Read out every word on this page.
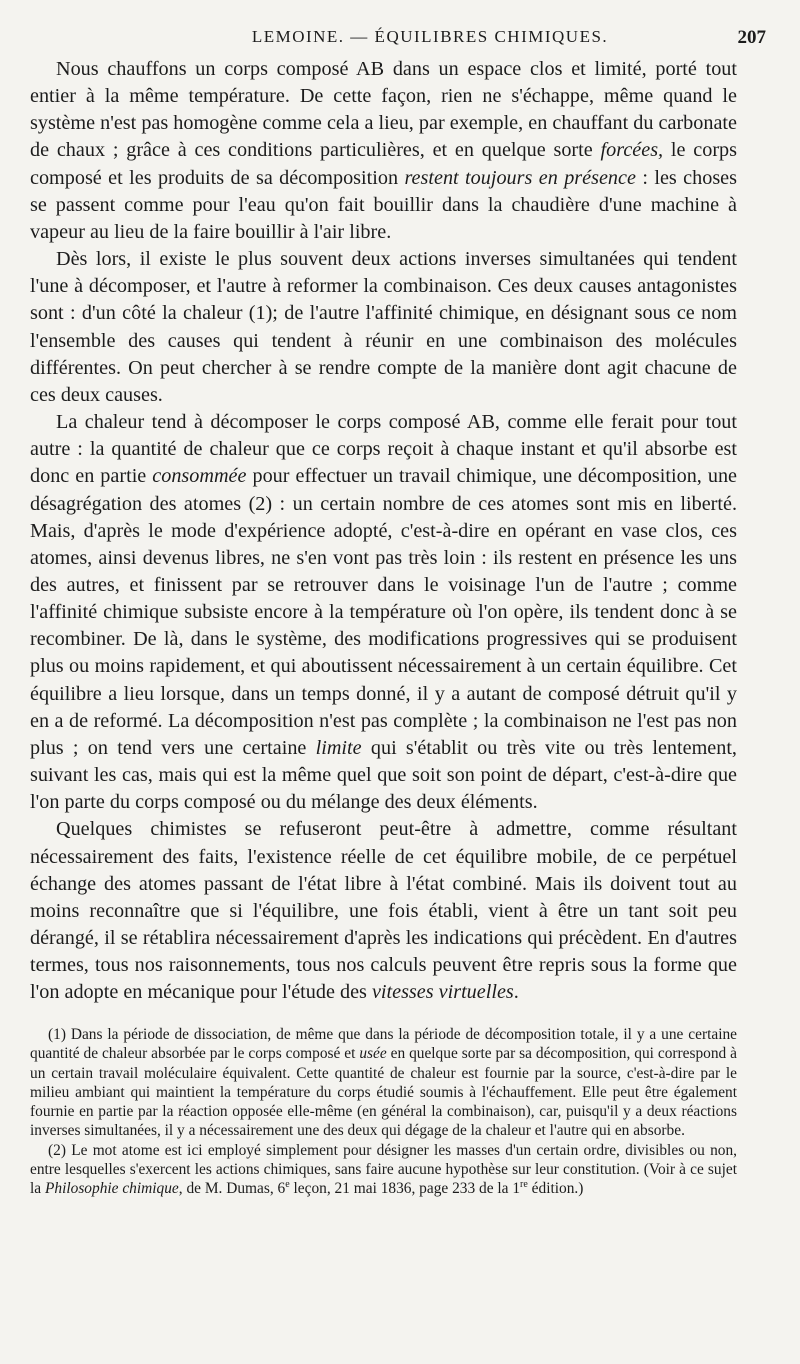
LEMOINE. — ÉQUILIBRES CHIMIQUES.	207

Nous chauffons un corps composé AB dans un espace clos et limité, porté tout entier à la même température. De cette façon, rien ne s'échappe, même quand le système n'est pas homogène comme cela a lieu, par exemple, en chauffant du carbonate de chaux ; grâce à ces conditions particulières, et en quelque sorte forcées, le corps composé et les produits de sa décomposition restent toujours en présence : les choses se passent comme pour l'eau qu'on fait bouillir dans la chaudière d'une machine à vapeur au lieu de la faire bouillir à l'air libre.

Dès lors, il existe le plus souvent deux actions inverses simultanées qui tendent l'une à décomposer, et l'autre à reformer la combinaison. Ces deux causes antagonistes sont : d'un côté la chaleur (1); de l'autre l'affinité chimique, en désignant sous ce nom l'ensemble des causes qui tendent à réunir en une combinaison des molécules différentes. On peut chercher à se rendre compte de la manière dont agit chacune de ces deux causes.

La chaleur tend à décomposer le corps composé AB, comme elle ferait pour tout autre : la quantité de chaleur que ce corps reçoit à chaque instant et qu'il absorbe est donc en partie consommée pour effectuer un travail chimique, une décomposition, une désagrégation des atomes (2) : un certain nombre de ces atomes sont mis en liberté. Mais, d'après le mode d'expérience adopté, c'est-à-dire en opérant en vase clos, ces atomes, ainsi devenus libres, ne s'en vont pas très loin : ils restent en présence les uns des autres, et finissent par se retrouver dans le voisinage l'un de l'autre ; comme l'affinité chimique subsiste encore à la température où l'on opère, ils tendent donc à se recombiner. De là, dans le système, des modifications progressives qui se produisent plus ou moins rapidement, et qui aboutissent nécessairement à un certain équilibre. Cet équilibre a lieu lorsque, dans un temps donné, il y a autant de composé détruit qu'il y en a de reformé. La décomposition n'est pas complète ; la combinaison ne l'est pas non plus ; on tend vers une certaine limite qui s'établit ou très vite ou très lentement, suivant les cas, mais qui est la même quel que soit son point de départ, c'est-à-dire que l'on parte du corps composé ou du mélange des deux éléments.

Quelques chimistes se refuseront peut-être à admettre, comme résultant nécessairement des faits, l'existence réelle de cet équilibre mobile, de ce perpétuel échange des atomes passant de l'état libre à l'état combiné. Mais ils doivent tout au moins reconnaître que si l'équilibre, une fois établi, vient à être un tant soit peu dérangé, il se rétablira nécessairement d'après les indications qui précèdent. En d'autres termes, tous nos raisonnements, tous nos calculs peuvent être repris sous la forme que l'on adopte en mécanique pour l'étude des vitesses virtuelles.

(1) Dans la période de dissociation, de même que dans la période de décomposition totale, il y a une certaine quantité de chaleur absorbée par le corps composé et usée en quelque sorte par sa décomposition, qui correspond à un certain travail moléculaire équivalent. Cette quantité de chaleur est fournie par la source, c'est-à-dire par le milieu ambiant qui maintient la température du corps étudié soumis à l'échauffement. Elle peut être également fournie en partie par la réaction opposée elle-même (en général la combinaison), car, puisqu'il y a deux réactions inverses simultanées, il y a nécessairement une des deux qui dégage de la chaleur et l'autre qui en absorbe.

(2) Le mot atome est ici employé simplement pour désigner les masses d'un certain ordre, divisibles ou non, entre lesquelles s'exercent les actions chimiques, sans faire aucune hypothèse sur leur constitution. (Voir à ce sujet la Philosophie chimique, de M. Dumas, 6e leçon, 21 mai 1836, page 233 de la 1re édition.)
